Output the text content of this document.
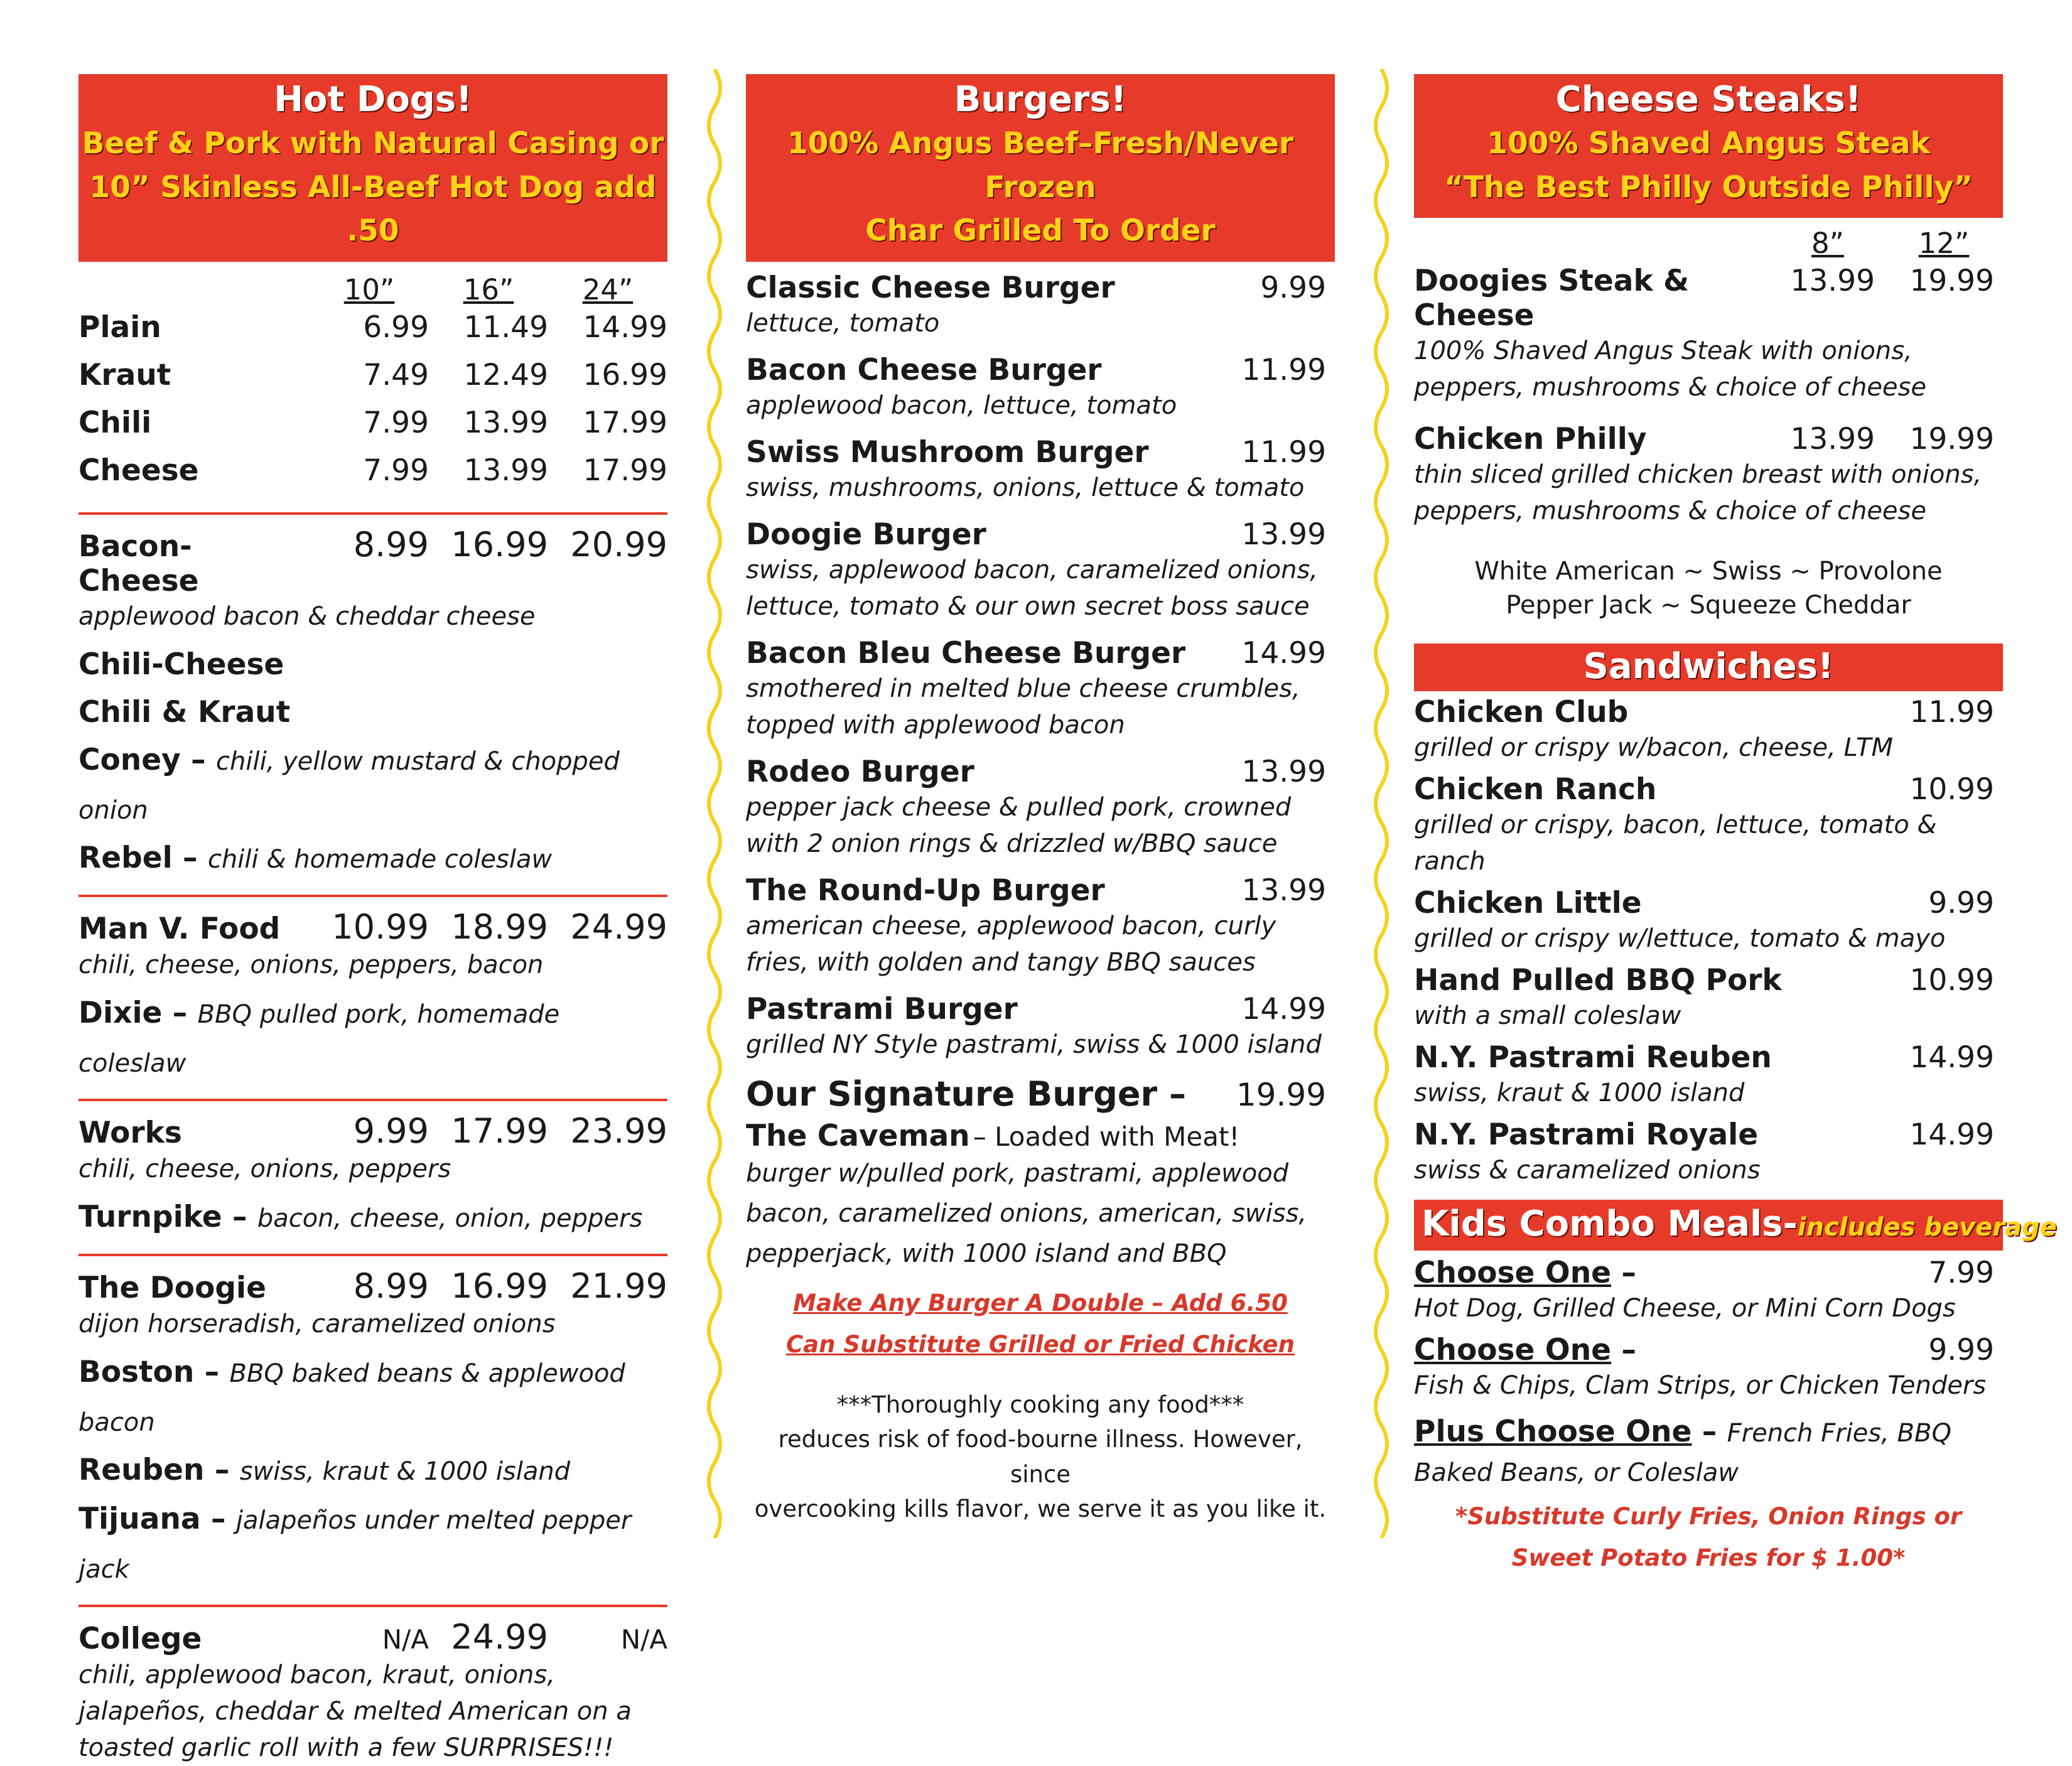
Hot Dogs!
Beef & Pork with Natural Casing or
10” Skinless All-Beef Hot Dog add .50
10”	16”	24”
Plain	6.99	11.49	14.99
Kraut	7.49	12.49	16.99
Chili	7.99	13.99	17.99
Cheese	7.99	13.99	17.99
Bacon-Cheese
8.99 16.99 20.99
applewood bacon & cheddar cheese
Chili-Cheese
Chili & Kraut
Coney – chili, yellow mustard & chopped onion
Rebel – chili & homemade coleslaw
Man V. Food	10.99 18.99 24.99
chili, cheese, onions, peppers, bacon
Dixie – BBQ pulled pork, homemade coleslaw
Works	9.99 17.99 23.99
chili, cheese, onions, peppers
Turnpike – bacon, cheese, onion, peppers
The Doogie	8.99 16.99 21.99
dijon horseradish, caramelized onions
Boston – BBQ baked beans & applewood bacon
Reuben – swiss, kraut & 1000 island
Tijuana – jalapeños under melted pepper jack
College	N/A 24.99	N/A
chili, applewood bacon, kraut, onions, jalapeños, cheddar & melted American on a toasted garlic roll with a few SURPRISES!!!
Burgers!
100% Angus Beef–Fresh/Never Frozen
Char Grilled To Order
Classic Cheese Burger	9.99
lettuce, tomato
Bacon Cheese Burger	11.99
applewood bacon, lettuce, tomato
Swiss Mushroom Burger	11.99
swiss, mushrooms, onions, lettuce & tomato
Doogie Burger	13.99
swiss, applewood bacon, caramelized onions, lettuce, tomato & our own secret boss sauce
Bacon Bleu Cheese Burger	14.99
smothered in melted blue cheese crumbles, topped with applewood bacon
Rodeo Burger	13.99
pepper jack cheese & pulled pork, crowned with 2 onion rings & drizzled w/BBQ sauce
The Round-Up Burger	13.99
american cheese, applewood bacon, curly fries, with golden and tangy BBQ sauces
Pastrami Burger	14.99
grilled NY Style pastrami, swiss & 1000 island
Our Signature Burger –	19.99
The Caveman – Loaded with Meat!
burger w/pulled pork, pastrami, applewood bacon, caramelized onions, american, swiss, pepperjack, with 1000 island and BBQ
Make Any Burger A Double – Add 6.50
Can Substitute Grilled or Fried Chicken
***Thoroughly cooking any food***
reduces risk of food-bourne illness. However, since
overcooking kills flavor, we serve it as you like it.
Cheese Steaks!
100% Shaved Angus Steak
“The Best Philly Outside Philly”
8”	12”
Doogies Steak & Cheese
13.99	19.99
100% Shaved Angus Steak with onions, peppers, mushrooms & choice of cheese
Chicken Philly	13.99	19.99
thin sliced grilled chicken breast with onions, peppers, mushrooms & choice of cheese
White American ~ Swiss ~ Provolone
Pepper Jack ~ Squeeze Cheddar
Sandwiches!
Chicken Club	11.99
grilled or crispy w/bacon, cheese, LTM
Chicken Ranch	10.99
grilled or crispy, bacon, lettuce, tomato & ranch
Chicken Little	9.99
grilled or crispy w/lettuce, tomato & mayo
Hand Pulled BBQ Pork	10.99
with a small coleslaw
N.Y. Pastrami Reuben	14.99
swiss, kraut & 1000 island
N.Y. Pastrami Royale	14.99
swiss & caramelized onions
Kids Combo Meals-includes beverage
Choose One –	7.99
Hot Dog, Grilled Cheese, or Mini Corn Dogs
Choose One –	9.99
Fish & Chips, Clam Strips, or Chicken Tenders
Plus Choose One – French Fries, BBQ Baked Beans, or Coleslaw
*Substitute Curly Fries, Onion Rings or
Sweet Potato Fries for $ 1.00*
